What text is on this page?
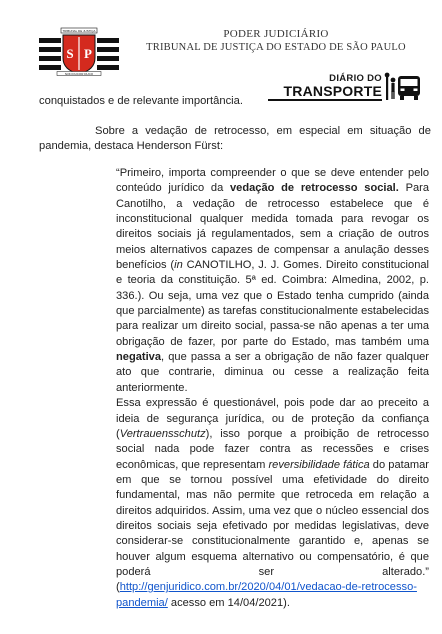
S P
TRIBUNAL DE JUSTIÇA
NON DUCOR DUCO
PODER JUDICIÁRIO
TRIBUNAL DE JUSTIÇA DO ESTADO DE SÃO PAULO
DIÁRIO DO
TRANSPORTE
conquistados e de relevante importância.
Sobre a vedação de retrocesso, em especial em situação de pandemia, destaca Henderson Fürst:

“Primeiro, importa compreender o que se deve entender pelo conteúdo jurídico da vedação de retrocesso social. Para Canotilho, a vedação de retrocesso estabelece que é inconstitucional qualquer medida tomada para revogar os direitos sociais já regulamentados, sem a criação de outros meios alternativos capazes de compensar a anulação desses benefícios (in CANOTILHO, J. J. Gomes. Direito constitucional e teoria da constituição. 5ª ed. Coimbra: Almedina, 2002, p. 336.). Ou seja, uma vez que o Estado tenha cumprido (ainda que parcialmente) as tarefas constitucionalmente estabelecidas para realizar um direito social, passa-se não apenas a ter uma obrigação de fazer, por parte do Estado, mas também uma negativa, que passa a ser a obrigação de não fazer qualquer ato que contrarie, diminua ou cesse a realização feita anteriormente.

Essa expressão é questionável, pois pode dar ao preceito a ideia de segurança jurídica, ou de proteção da confiança (Vertrauensschutz), isso porque a proibição de retrocesso social nada pode fazer contra as recessões e crises econômicas, que representam reversibilidade fática do patamar em que se tornou possível uma efetividade do direito fundamental, mas não permite que retroceda em relação a direitos adquiridos. Assim, uma vez que o núcleo essencial dos direitos sociais seja efetivado por medidas legislativas, deve considerar-se constitucionalmente garantido e, apenas se houver algum esquema alternativo ou compensatório, é que poderá ser alterado.” (http://genjuridico.com.br/2020/04/01/vedacao-de-retrocesso-pandemia/ acesso em 14/04/2021).
